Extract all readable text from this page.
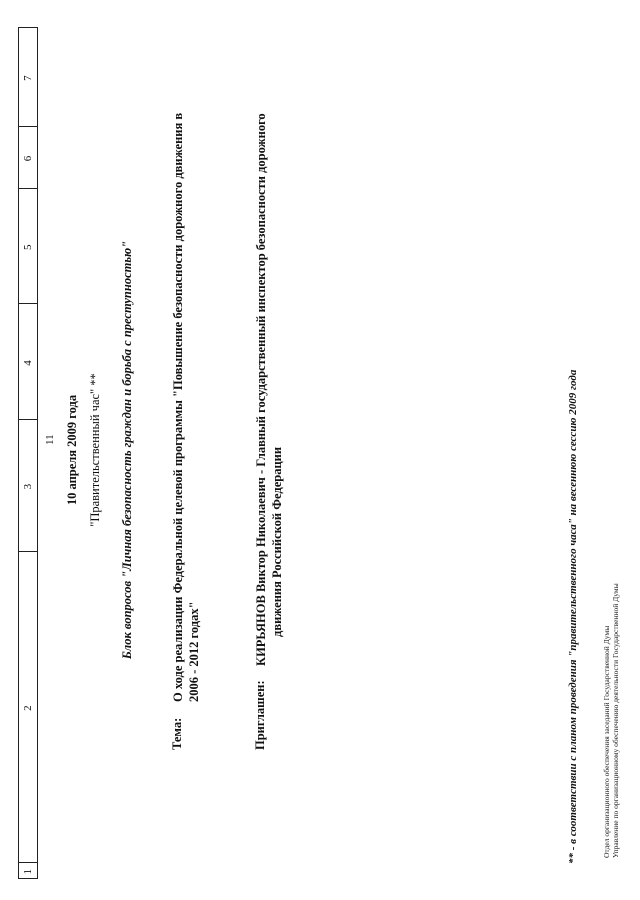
1
2
3
4
5
6
7
11 10 апреля 2009 года "Правительственный час" ** Блок вопросов "Личная безопасность граждан и борьба с преступностью"
Тема:
О ходе реализации Федеральной целевой программы "Повышение безопасности дорожного движения в 2006 - 2012 годах"
Приглашен:
КИРЬЯНОВ Виктор Николаевич - Главный государственный инспектор безопасности дорожного движения Российской Федерации	** - в соответствии с планом проведения "правительственного часа" на весеннюю сессию 2009 года	Отдел организационного обеспечения заседаний Государственной Думы Управление по организационному обеспечению деятельности Государственной Думы
